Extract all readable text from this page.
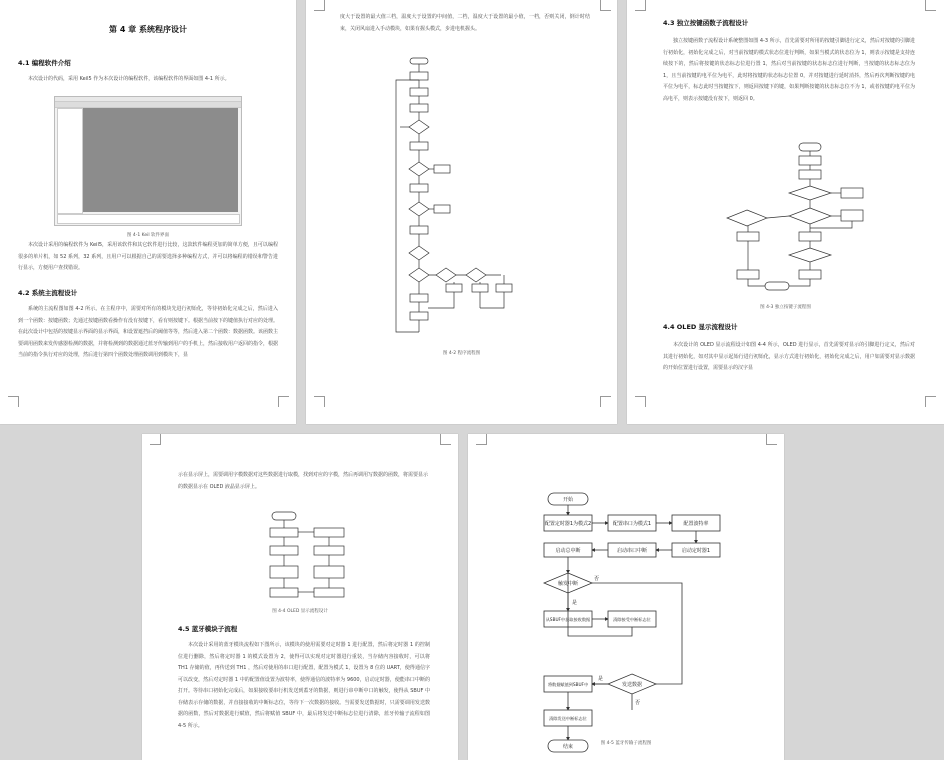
第 4 章 系统程序设计
4.1 编程软件介绍
本次设计的代码，采用 Keil5 作为本次设计的编程软件，该编程软件的界面如图 4-1 所示。
图 4-1 Keil 软件界面
本次设计采用的编程软件为 Keil5，采用该软件和其它软件进行比较，这款软件编程更加的简单方便，且可以编程很多的单片机，如 52 系列，32 系列，且用户可以根据自己的需要选择多种编程方式，并可以将编程的错误和警告进行显示，方便用户查找错误。
4.2 系统主流程设计
系统的主流程图如图 4-2 所示。在主程序中，需要对所有的模块先进行初始化，等待初始化完成之后，然后进入到一个函数：按键函数；先通过按键函数看操作有没有按键下，看有则按键下。根据当前按下的键值执行对应的处理。在此次设计中包括的按键显示界面的显示界面，和设置遮挡后的阈值等等，然后进入第二个函数：数据函数。该函数主要调用函数来发传感器检测的数据，并将检测到的数据通过蓝牙传输到用户的手机上，然后接收用户返回的指令，根据当前的指令执行对应的处理，然后进行第四个函数处理函数调用到模块下，显
度大于设置的最大值三档，温度大于设置的中间值，二档，温度大于设置的最小值，一档，否则关闭，倒计时结束，关闭风扇进入手动模块，如果有握头模式，步进电机握头。
图 4-2 程序流程图
4.3 独立按键函数子流程设计
独立按键函数子流程设计系统整图如图 4-3 所示，首先需要对所用的按键引脚进行定义，然后对按键的引脚进行初始化，初始化完成之后，对当前按键的模式状态位进行判断，如果当模式的状态位为 1，则表示按键是支持连续按下的，然后将按键的状态标志位进行置 1，然后对当前按键的状态标志位进行判断，当按键的状态标志位为 1，且当前按键的电平位为电平，此时将按键的状态标志位置 0，并对按键进行延时消抖，然后再次判断按键的电平位为电平，标志此时当按键按下，则返回按键下的键，如果判断按键的状态标志位不为 1，或者按键的电平位为高电平，则表示按键没有按下，则返回 0。
图 4-3 独立按键子流程图
4.4 OLED 显示流程设计
本次设计的 OLED 显示流程设计如图 4-4 所示，OLED 进行显示，首先需要对显示的引脚进行定义，然后对其进行初始化，如对其中显示起始行进行初始化，显示方式进行初始化，初始化完成之后，用户如需要对显示数据的开始位置进行设置，需要显示的汉字显
示在显示屏上，需要调用字模数据对这些数据进行取模，找到对应的字模，然后再调用写数据的函数，将需要显示的数据显示在 OLED 液晶显示屏上。
图 4-4 OLED 显示流程设计
4.5 蓝牙模块子流程
本次设计采用的蓝牙模块流程如下图所示，该模块的使用需要对定时器 1 进行配置，然后将定时器 1 的控制位进行删除，然后将定时器 1 的模式设置为 2，使得可以实现对定时器进行重装，当存储内容接收时，可以将 TH1 存储的值，再传送到 TH1 ，然后对使用的串口进行配置，配置为模式 1，设置为 8 位的 UART，使得通信字可以改变，然后对定时器 1 中的配置值设置为波特率，使得通信的波特率为 9600，启动定时器，使能串口中断的打开。等待串口初始化完成后，如果接收要串行机发送到蓋牙的数据，则进行串中断中口的触发，使得从 SBUF 中存储表示存储的数据，并直接接收的中断标志位，等待下一次数据的接收。当需要发送数据时，只需要调用发送数据的函数，然后对数据进行赋值，然后将赋值 SBUF 中，最后将发送中断标志位进行清除，蓝牙传输子流程如图 4-5 所示。
开始
配置定时器1为模式2	配置串口为模式1	配置波特率
启动定时器1
启动串口中断
启动总中断
触发中断
否
是
从SBUF中获取接收数据	清除接受中断标志位
发送数据
是
否
将数据赋值到SBUF中
清除发送中断标志位
结束
图 4-5 蓝牙传输子流程图
